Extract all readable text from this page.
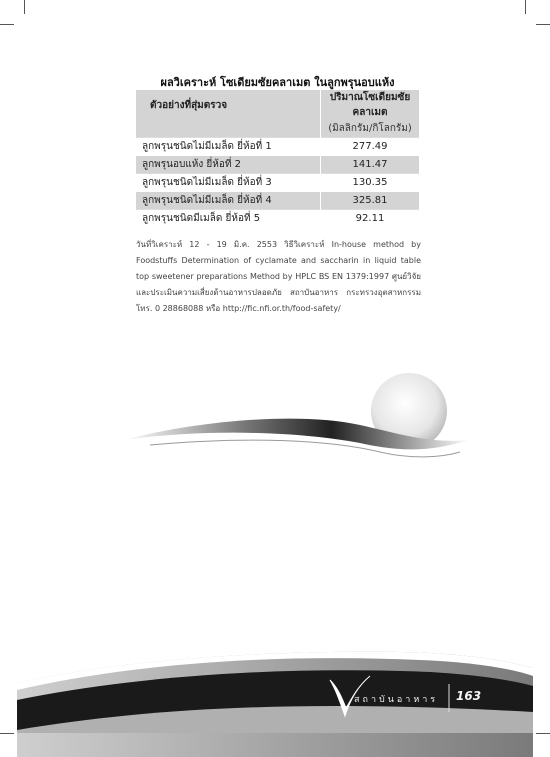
ผลวิเคราะห์ โซเดียมซัยคลาเมต ในลูกพรุนอบแห้ง
ตัวอย่างที่สุ่มตรวจ	ปริมาณโซเดียมซัยคลาเมต
	(มิลลิกรัม/กิโลกรัม)
ลูกพรุนชนิดไม่มีเมล็ด ยี่ห้อที่ 1	277.49
ลูกพรุนอบแห้ง ยี่ห้อที่ 2	141.47
ลูกพรุนชนิดไม่มีเมล็ด ยี่ห้อที่ 3	130.35
ลูกพรุนชนิดไม่มีเมล็ด ยี่ห้อที่ 4	325.81
ลูกพรุนชนิดมีเมล็ด ยี่ห้อที่ 5	92.11
วันที่วิเคราะห์ 12 - 19 มิ.ค. 2553 วิธีวิเคราะห์ In-house method by Foodstuffs Determination of cyclamate and saccharin in liquid table top sweetener preparations Method by HPLC BS EN 1379:1997 ศูนย์วิจัยและประเมินความเสี่ยงด้านอาหารปลอดภัย สถาบันอาหาร กระทรวงอุตสาหกรรม โทร. 0 28868088 หรือ http://fic.nfi.or.th/food-safety/
สถาบันอาหาร 163
